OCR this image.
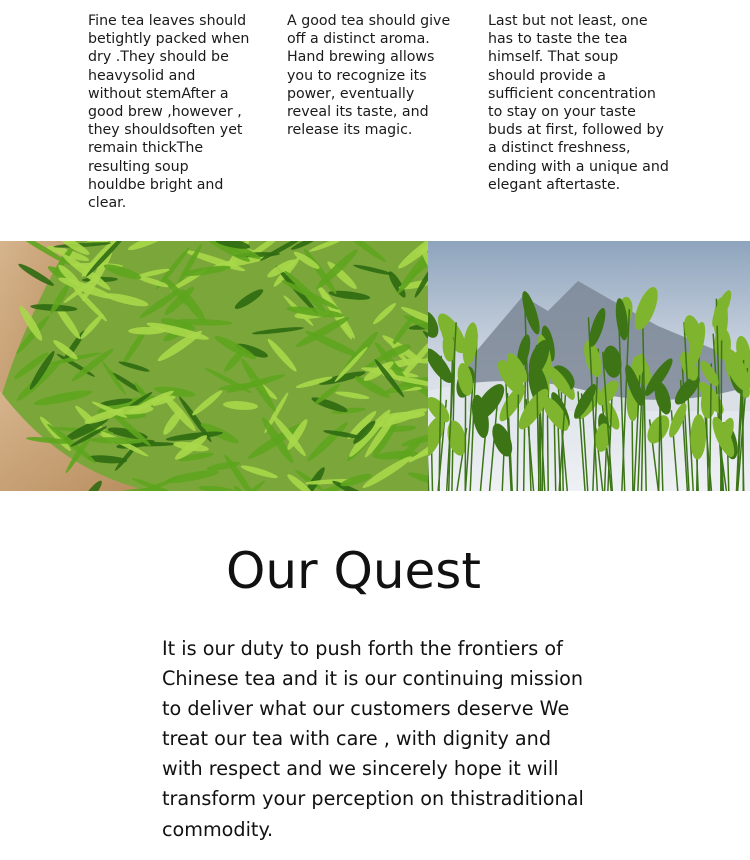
Fine tea leaves should
betightly packed when
dry .They should be
heavysolid and
without stemAfter a
good brew ,however ,
they shouldsoften yet
remain thickThe
resulting soup
houldbe bright and
clear.
A good tea should give
off a distinct aroma.
Hand brewing allows
you to recognize its
power, eventually
reveal its taste, and
release its magic.
Last but not least, one
has to taste the tea
himself. That soup
should provide a
sufficient concentration
to stay on your taste
buds at first, followed by
a distinct freshness,
ending with a unique and
elegant aftertaste.
Our Quest

It is our duty to push forth the frontiers of
Chinese tea and it is our continuing mission
to deliver what our customers deserve We
treat our tea with care , with dignity and
with respect and we sincerely hope it will
transform your perception on thistraditional
commodity.
